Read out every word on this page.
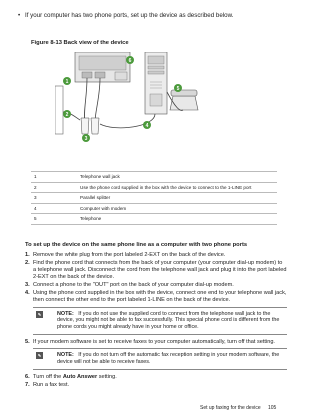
• If your computer has two phone ports, set up the device as described below.
Figure 8-13 Back view of the device
1
2
3
4
5
6
1	Telephone wall jack
2	Use the phone cord supplied in the box with the device to connect to the 1-LINE port
3	Parallel splitter
4	Computer with modem
5	Telephone
To set up the device on the same phone line as a computer with two phone ports
1. Remove the white plug from the port labeled 2-EXT on the back of the device.
2. Find the phone cord that connects from the back of your computer (your computer dial-up modem) to a telephone wall jack. Disconnect the cord from the telephone wall jack and plug it into the port labeled 2-EXT on the back of the device.
3. Connect a phone to the "OUT" port on the back of your computer dial-up modem.
4. Using the phone cord supplied in the box with the device, connect one end to your telephone wall jack, then connect the other end to the port labeled 1-LINE on the back of the device.
✎	NOTE: If you do not use the supplied cord to connect from the telephone wall jack to the device, you might not be able to fax successfully. This special phone cord is different from the phone cords you might already have in your home or office.
5. If your modem software is set to receive faxes to your computer automatically, turn off that setting.
✎	NOTE: If you do not turn off the automatic fax reception setting in your modem software, the device will not be able to receive faxes.
6. Turn off the Auto Answer setting.
7. Run a fax test.
Set up faxing for the device 105
